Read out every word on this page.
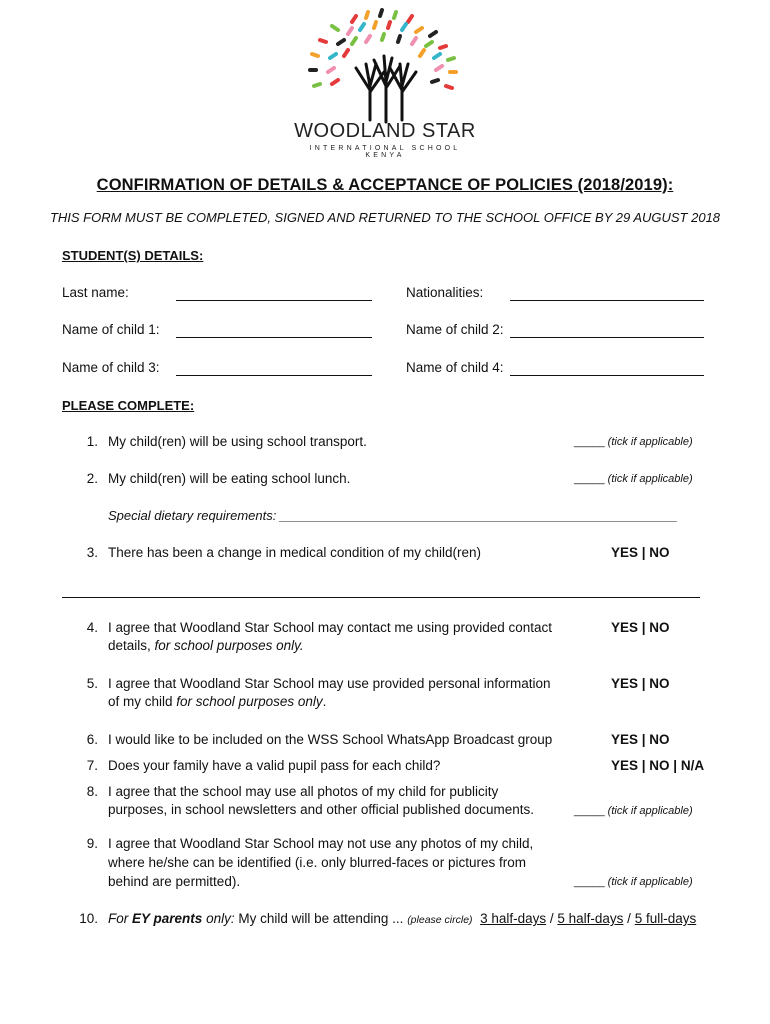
WOODLAND STAR
INTERNATIONAL SCHOOL KENYA
CONFIRMATION OF DETAILS & ACCEPTANCE OF POLICIES (2018/2019):
THIS FORM MUST BE COMPLETED, SIGNED AND RETURNED TO THE SCHOOL OFFICE BY 29 AUGUST 2018
STUDENT(S) DETAILS:
Last name:	Nationalities:
Name of child 1:	Name of child 2:
Name of child 3:	Name of child 4:
PLEASE COMPLETE:
1. My child(ren) will be using school transport.	_____ (tick if applicable)
2. My child(ren) will be eating school lunch.	_____ (tick if applicable)
Special dietary requirements: _______________________________________________________
3. There has been a change in medical condition of my child(ren)	YES | NO
4. I agree that Woodland Star School may contact me using provided contact
details, for school purposes only.
YES | NO
5. I agree that Woodland Star School may use provided personal information
of my child for school purposes only.
YES | NO
6. I would like to be included on the WSS School WhatsApp Broadcast group	YES | NO
7. Does your family have a valid pupil pass for each child?	YES | NO | N/A
8. I agree that the school may use all photos of my child for publicity
purposes, in school newsletters and other official published documents.	_____ (tick if applicable)
9. I agree that Woodland Star School may not use any photos of my child,
where he/she can be identified (i.e. only blurred-faces or pictures from
behind are permitted).	_____ (tick if applicable)
10. For EY parents only: My child will be attending ... (please circle) 3 half-days / 5 half-days / 5 full-days
